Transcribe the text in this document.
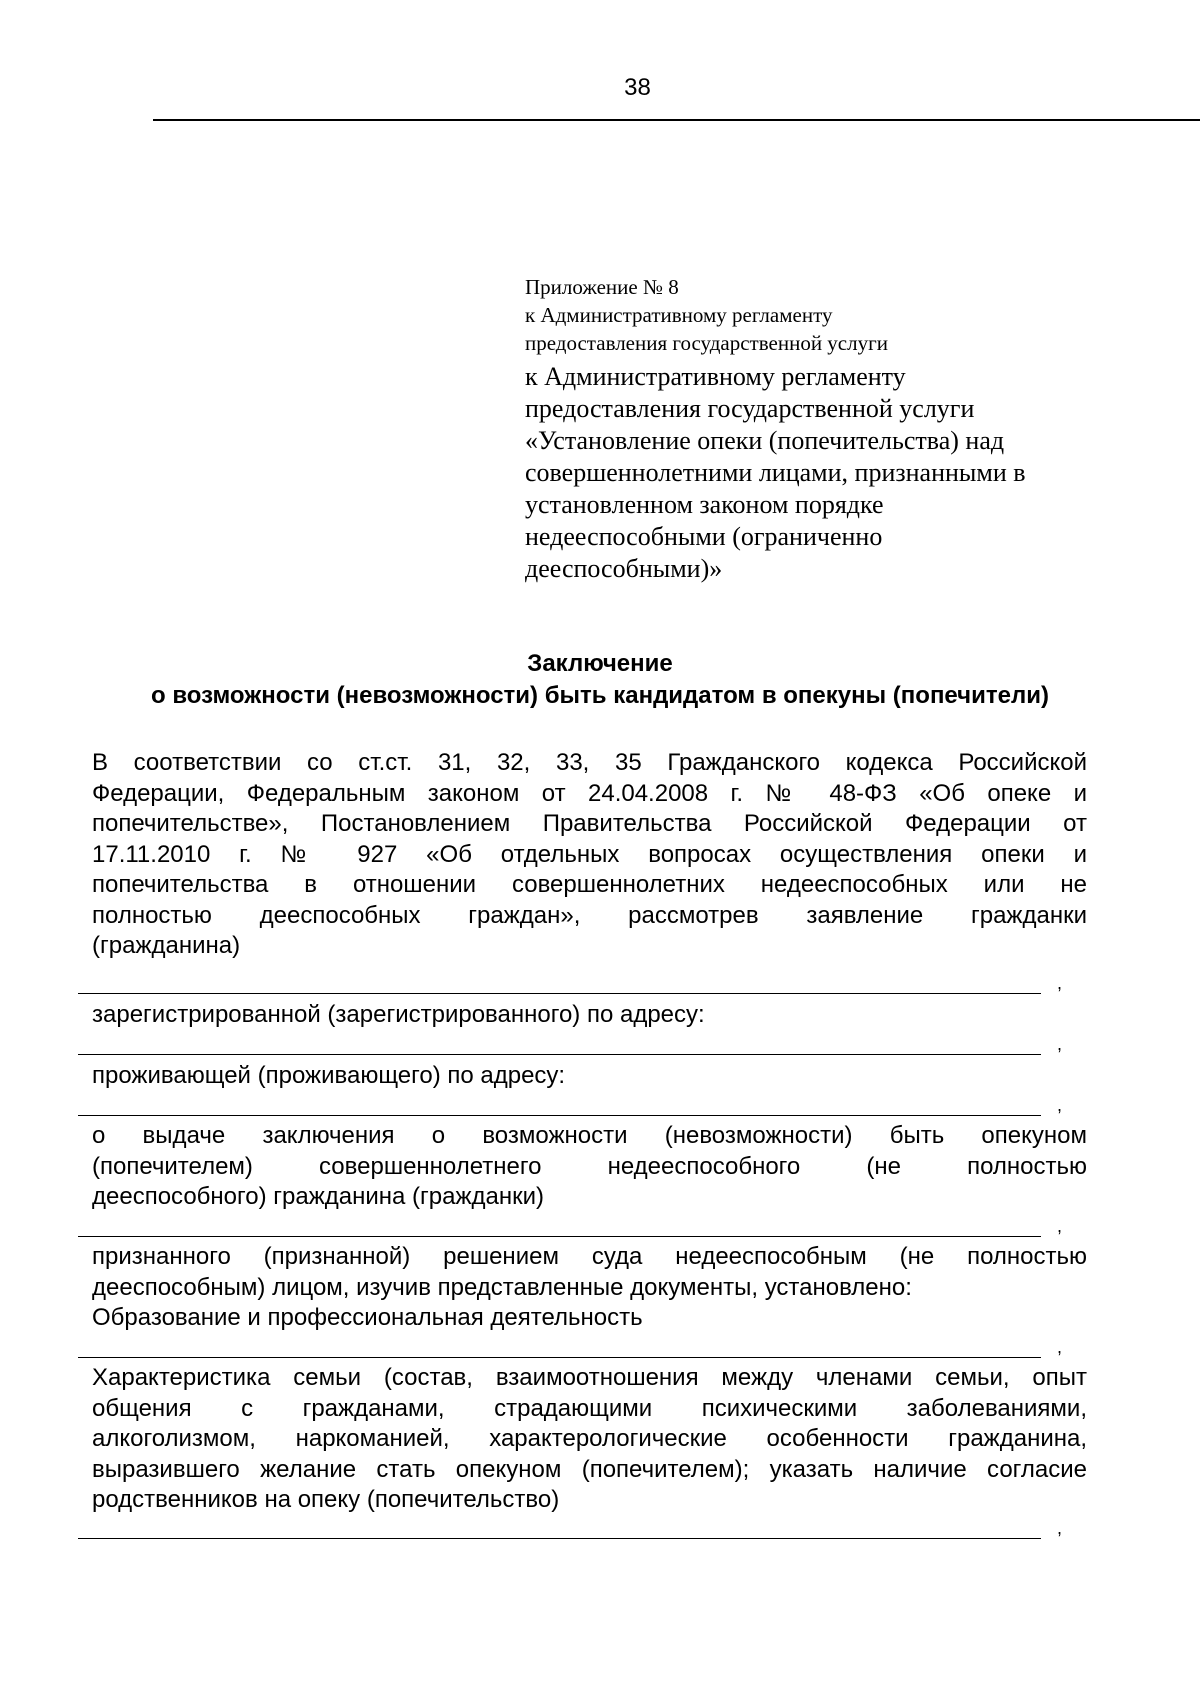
38
Приложение № 8
к Административному регламенту
предоставления государственной услуги
к Административному регламенту
предоставления государственной услуги
«Установление опеки (попечительства) над
совершеннолетними лицами, признанными в
установленном законом порядке
недееспособными (ограниченно
дееспособными)»
Заключение
о возможности (невозможности) быть кандидатом в опекуны (попечители)
В соответствии со ст.ст. 31, 32, 33, 35 Гражданского кодекса Российской
Федерации, Федеральным законом от 24.04.2008 г. № 48-ФЗ «Об опеке и
попечительстве», Постановлением Правительства Российской Федерации от
17.11.2010 г. № 927 «Об отдельных вопросах осуществления опеки и
попечительства в отношении совершеннолетних недееспособных или не
полностью дееспособных граждан», рассмотрев заявление гражданки
(гражданина)
,
зарегистрированной (зарегистрированного) по адресу:
,
проживающей (проживающего) по адресу:
,
о выдаче заключения о возможности (невозможности) быть опекуном
(попечителем) совершеннолетнего недееспособного (не полностью
дееспособного) гражданина (гражданки)
,
признанного (признанной) решением суда недееспособным (не полностью
дееспособным) лицом, изучив представленные документы, установлено:
Образование и профессиональная деятельность
,
Характеристика семьи (состав, взаимоотношения между членами семьи, опыт
общения с гражданами, страдающими психическими заболеваниями,
алкоголизмом, наркоманией, характерологические особенности гражданина,
выразившего желание стать опекуном (попечителем); указать наличие согласие
родственников на опеку (попечительство)
,
